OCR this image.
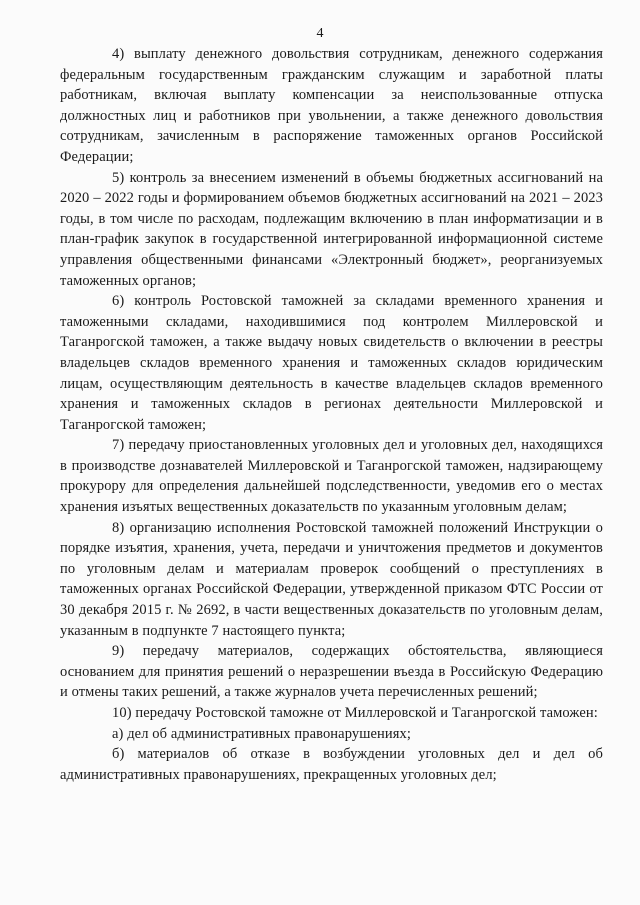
4

4) выплату денежного довольствия сотрудникам, денежного содержания федеральным государственным гражданским служащим и заработной платы работникам, включая выплату компенсации за неиспользованные отпуска должностных лиц и работников при увольнении, а также денежного довольствия сотрудникам, зачисленным в распоряжение таможенных органов Российской Федерации;

5) контроль за внесением изменений в объемы бюджетных ассигнований на 2020 – 2022 годы и формированием объемов бюджетных ассигнований на 2021 – 2023 годы, в том числе по расходам, подлежащим включению в план информатизации и в план-график закупок в государственной интегрированной информационной системе управления общественными финансами «Электронный бюджет», реорганизуемых таможенных органов;

6) контроль Ростовской таможней за складами временного хранения и таможенными складами, находившимися под контролем Миллеровской и Таганрогской таможен, а также выдачу новых свидетельств о включении в реестры владельцев складов временного хранения и таможенных складов юридическим лицам, осуществляющим деятельность в качестве владельцев складов временного хранения и таможенных складов в регионах деятельности Миллеровской и Таганрогской таможен;

7) передачу приостановленных уголовных дел и уголовных дел, находящихся в производстве дознавателей Миллеровской и Таганрогской таможен, надзирающему прокурору для определения дальнейшей подследственности, уведомив его о местах хранения изъятых вещественных доказательств по указанным уголовным делам;

8) организацию исполнения Ростовской таможней положений Инструкции о порядке изъятия, хранения, учета, передачи и уничтожения предметов и документов по уголовным делам и материалам проверок сообщений о преступлениях в таможенных органах Российской Федерации, утвержденной приказом ФТС России от 30 декабря 2015 г. № 2692, в части вещественных доказательств по уголовным делам, указанным в подпункте 7 настоящего пункта;

9) передачу материалов, содержащих обстоятельства, являющиеся основанием для принятия решений о неразрешении въезда в Российскую Федерацию и отмены таких решений, а также журналов учета перечисленных решений;

10) передачу Ростовской таможне от Миллеровской и Таганрогской таможен:

а) дел об административных правонарушениях;

б) материалов об отказе в возбуждении уголовных дел и дел об административных правонарушениях, прекращенных уголовных дел;
